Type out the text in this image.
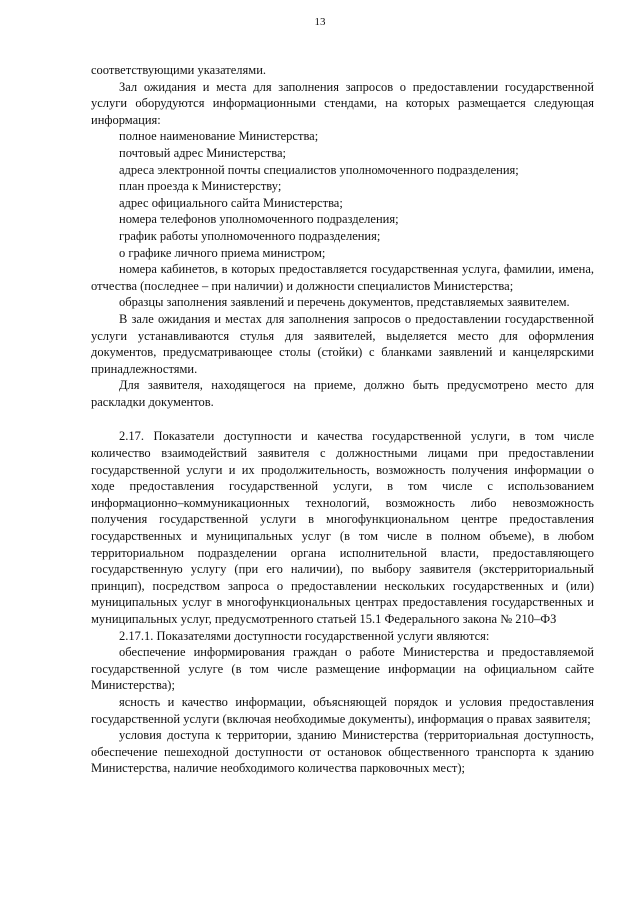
13

соответствующими указателями.

Зал ожидания и места для заполнения запросов о предоставлении государственной услуги оборудуются информационными стендами, на которых размещается следующая информация:

полное наименование Министерства;

почтовый адрес Министерства;

адреса электронной почты специалистов уполномоченного подразделения;

план проезда к Министерству;

адрес официального сайта Министерства;

номера телефонов уполномоченного подразделения;

график работы уполномоченного подразделения;

о графике личного приема министром;

номера кабинетов, в которых предоставляется государственная услуга, фамилии, имена, отчества (последнее – при наличии) и должности специалистов Министерства;

образцы заполнения заявлений и перечень документов, представляемых заявителем.

В зале ожидания и местах для заполнения запросов о предоставлении государственной услуги устанавливаются стулья для заявителей, выделяется место для оформления документов, предусматривающее столы (стойки) с бланками заявлений и канцелярскими принадлежностями.

Для заявителя, находящегося на приеме, должно быть предусмотрено место для раскладки документов.

2.17. Показатели доступности и качества государственной услуги, в том числе количество взаимодействий заявителя с должностными лицами при предоставлении государственной услуги и их продолжительность, возможность получения информации о ходе предоставления государственной услуги, в том числе с использованием информационно–коммуникационных технологий, возможность либо невозможность получения государственной услуги в многофункциональном центре предоставления государственных и муниципальных услуг (в том числе в полном объеме), в любом территориальном подразделении органа исполнительной власти, предоставляющего государственную услугу (при его наличии), по выбору заявителя (экстерриториальный принцип), посредством запроса о предоставлении нескольких государственных и (или) муниципальных услуг в многофункциональных центрах предоставления государственных и муниципальных услуг, предусмотренного статьей 15.1 Федерального закона № 210–ФЗ

2.17.1. Показателями доступности государственной услуги являются:

обеспечение информирования граждан о работе Министерства и предоставляемой государственной услуге (в том числе размещение информации на официальном сайте Министерства);

ясность и качество информации, объясняющей порядок и условия предоставления государственной услуги (включая необходимые документы), информация о правах заявителя;

условия доступа к территории, зданию Министерства (территориальная доступность, обеспечение пешеходной доступности от остановок общественного транспорта к зданию Министерства, наличие необходимого количества парковочных мест);
